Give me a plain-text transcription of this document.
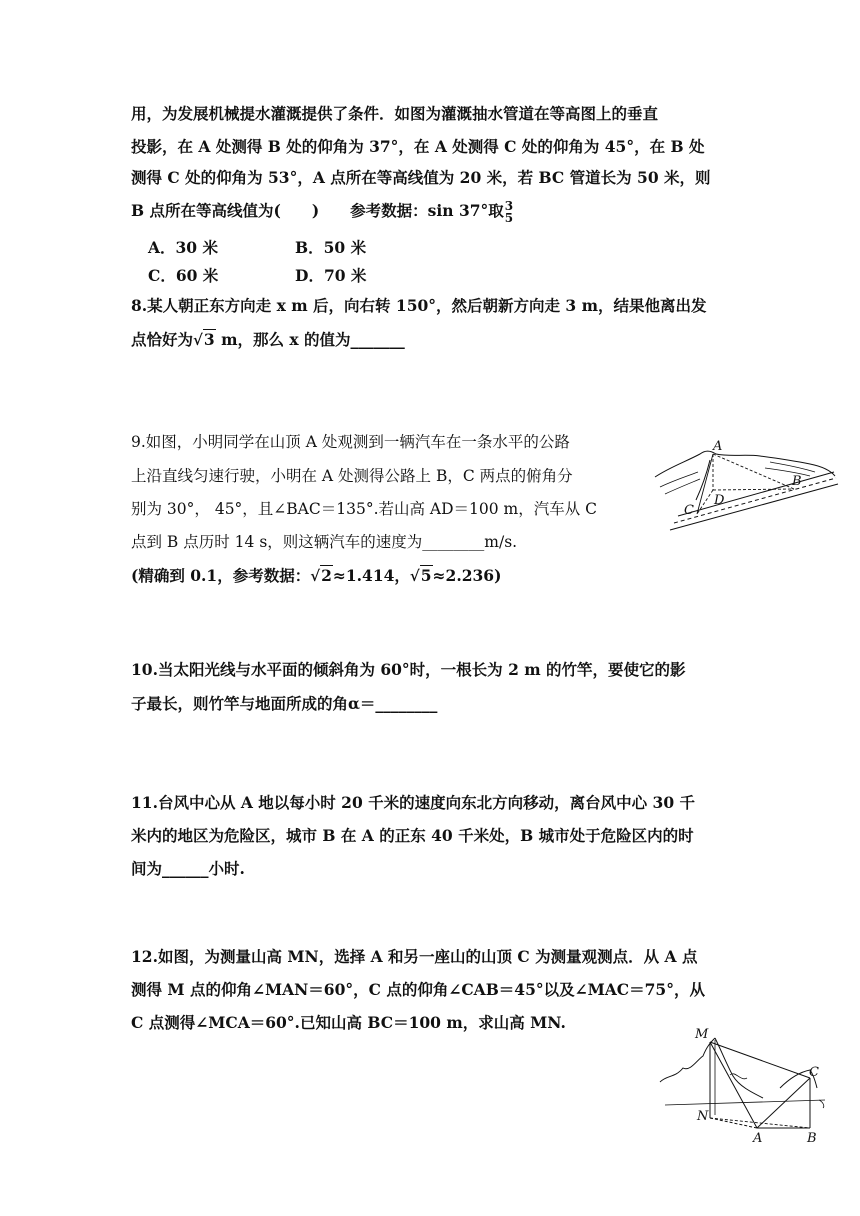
用，为发展机械提水灌溉提供了条件．如图为灌溉抽水管道在等高图上的垂直
投影，在 A 处测得 B 处的仰角为 37°，在 A 处测得 C 处的仰角为 45°，在 B 处
测得 C 处的仰角为 53°，A 点所在等高线值为 20 米，若 BC 管道长为 50 米，则
B 点所在等高线值为(　　)　　参考数据：sin 37°取 3
5
A．30 米	B．50 米
C．60 米	D．70 米
8.某人朝正东方向走 x m 后，向右转 150°，然后朝新方向走 3 m，结果他离出发
点恰好为√3 m，那么 x 的值为_______
9.如图，小明同学在山顶 A 处观测到一辆汽车在一条水平的公路
上沿直线匀速行驶，小明在 A 处测得公路上 B，C 两点的俯角分
别为 30°， 45°，且∠BAC＝135°.若山高 AD＝100 m，汽车从 C
点到 B 点历时 14 s，则这辆汽车的速度为________m/s.
(精确到 0.1，参考数据：√2≈1.414，√5≈2.236)
A
B
C
D
10.当太阳光线与水平面的倾斜角为 60°时，一根长为 2 m 的竹竿，要使它的影
子最长，则竹竿与地面所成的角α＝________
11.台风中心从 A 地以每小时 20 千米的速度向东北方向移动，离台风中心 30 千
米内的地区为危险区，城市 B 在 A 的正东 40 千米处，B 城市处于危险区内的时
间为______小时.
12.如图，为测量山高 MN，选择 A 和另一座山的山顶 C 为测量观测点．从 A 点
测得 M 点的仰角∠MAN＝60°，C 点的仰角∠CAB＝45°以及∠MAC＝75°，从
C 点测得∠MCA＝60°.已知山高 BC＝100 m，求山高 MN.
M
N
A	B
C
